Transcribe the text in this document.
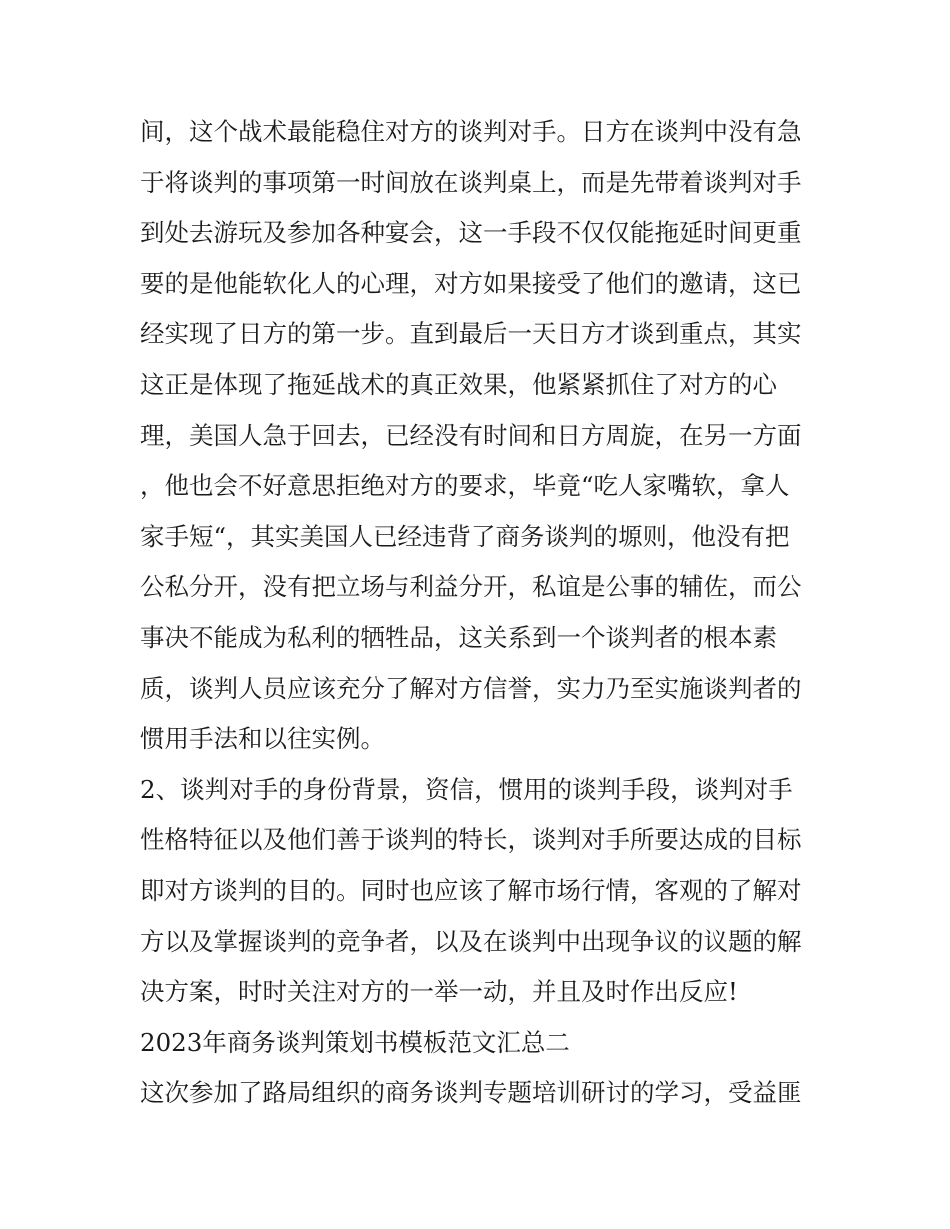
间，这个战术最能稳住对方的谈判对手。日方在谈判中没有急
于将谈判的事项第一时间放在谈判桌上，而是先带着谈判对手
到处去游玩及参加各种宴会，这一手段不仅仅能拖延时间更重
要的是他能软化人的心理，对方如果接受了他们的邀请，这已
经实现了日方的第一步。直到最后一天日方才谈到重点，其实
这正是体现了拖延战术的真正效果，他紧紧抓住了对方的心
理，美国人急于回去，已经没有时间和日方周旋，在另一方面
，他也会不好意思拒绝对方的要求，毕竟“吃人家嘴软，拿人
家手短“，其实美国人已经违背了商务谈判的塬则，他没有把
公私分开，没有把立场与利益分开，私谊是公事的辅佐，而公
事决不能成为私利的牺牲品，这关系到一个谈判者的根本素
质，谈判人员应该充分了解对方信誉，实力乃至实施谈判者的
惯用手法和以往实例。
2、谈判对手的身份背景，资信，惯用的谈判手段，谈判对手
性格特征以及他们善于谈判的特长，谈判对手所要达成的目标
即对方谈判的目的。同时也应该了解市场行情，客观的了解对
方以及掌握谈判的竞争者，以及在谈判中出现争议的议题的解
决方案，时时关注对方的一举一动，并且及时作出反应!
2023年商务谈判策划书模板范文汇总二
这次参加了路局组织的商务谈判专题培训研讨的学习，受益匪
